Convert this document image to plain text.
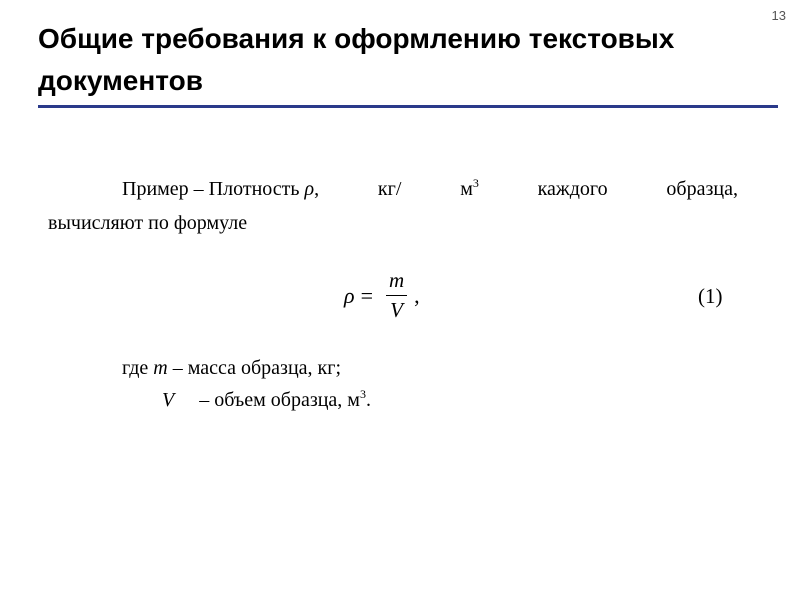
13
Общие требования к оформлению текстовых документов
Пример – Плотность ρ,	кг/	$м^3$	каждого	образца,
вычисляют по формуле
$\rho = \frac{m}{V}$ ,	(1)
где m – масса образца, кг;
V – объем образца, $м^3$.
